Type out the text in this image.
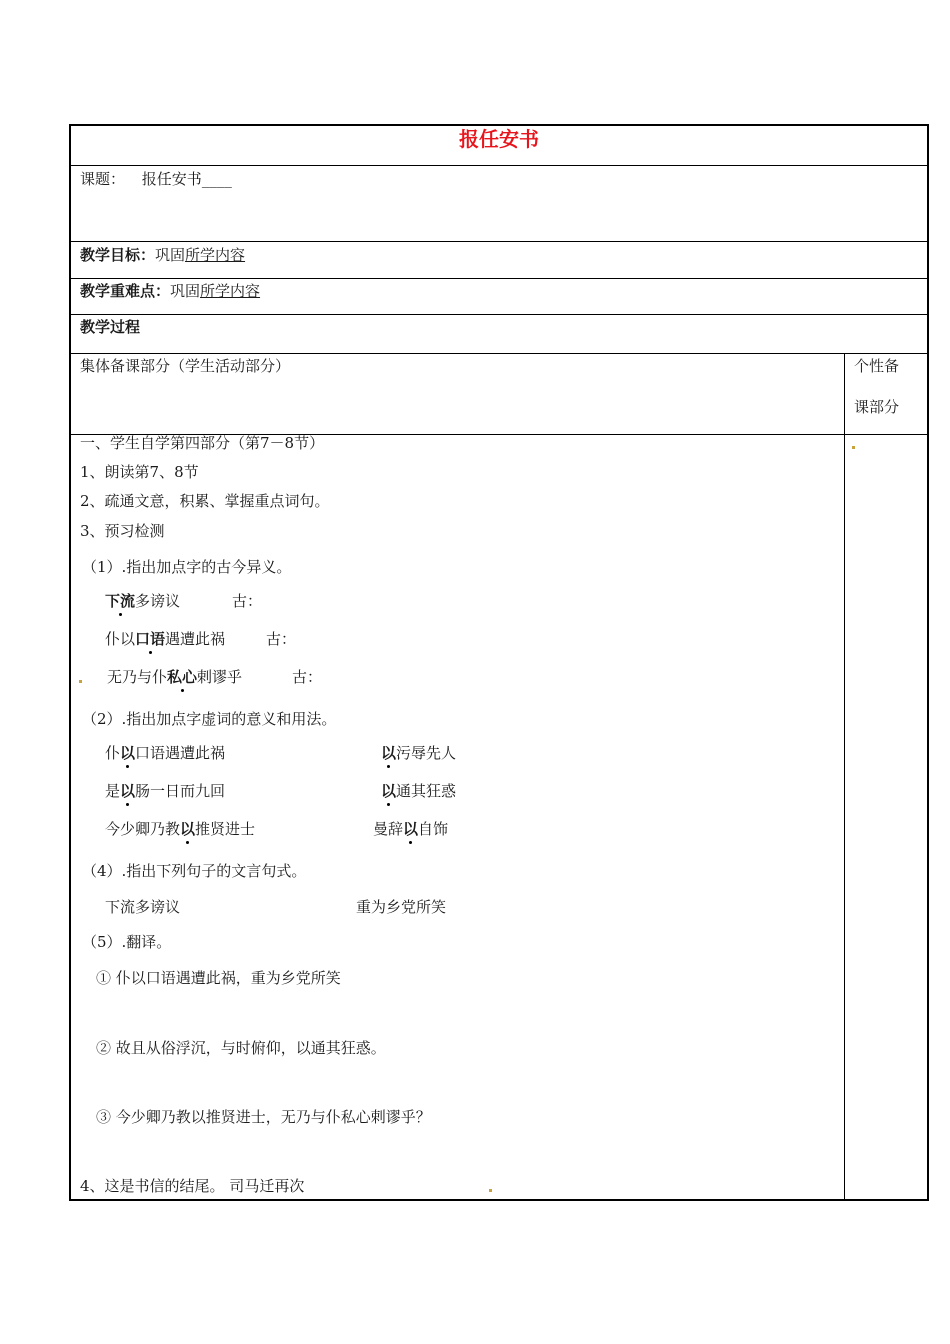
报任安书
课题： 报任安书____
教学目标：巩固所学内容
教学重难点：巩固所学内容
教学过程
集体备课部分（学生活动部分）	个性备
课部分
一、学生自学第四部分（第7－8节）
1、朗读第7、8节
2、疏通文意，积累、掌握重点词句。
3、预习检测
（1）.指出加点字的古今异义。
下流多谤议	古：
仆以口语遇遭此祸	古：
无乃与仆私心剌谬乎	古：
（2）.指出加点字虚词的意义和用法。
仆以口语遇遭此祸	以污辱先人
是以肠一日而九回	以通其狂惑
今少卿乃教以推贤进士	曼辞以自饰
（4）.指出下列句子的文言句式。
下流多谤议	重为乡党所笑
（5）.翻译。
① 仆以口语遇遭此祸，重为乡党所笑
② 故且从俗浮沉，与时俯仰，以通其狂惑。
③ 今少卿乃教以推贤进士，无乃与仆私心剌谬乎？
4、这是书信的结尾。 司马迁再次
